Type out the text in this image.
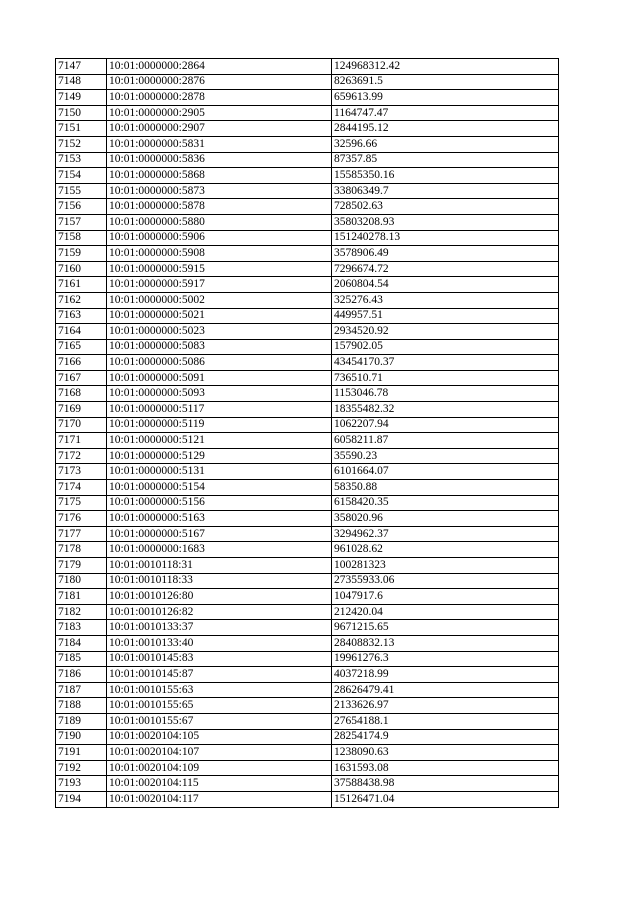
7147	10:01:0000000:2864	124968312.42
7148	10:01:0000000:2876	8263691.5
7149	10:01:0000000:2878	659613.99
7150	10:01:0000000:2905	1164747.47
7151	10:01:0000000:2907	2844195.12
7152	10:01:0000000:5831	32596.66
7153	10:01:0000000:5836	87357.85
7154	10:01:0000000:5868	15585350.16
7155	10:01:0000000:5873	33806349.7
7156	10:01:0000000:5878	728502.63
7157	10:01:0000000:5880	35803208.93
7158	10:01:0000000:5906	151240278.13
7159	10:01:0000000:5908	3578906.49
7160	10:01:0000000:5915	7296674.72
7161	10:01:0000000:5917	2060804.54
7162	10:01:0000000:5002	325276.43
7163	10:01:0000000:5021	449957.51
7164	10:01:0000000:5023	2934520.92
7165	10:01:0000000:5083	157902.05
7166	10:01:0000000:5086	43454170.37
7167	10:01:0000000:5091	736510.71
7168	10:01:0000000:5093	1153046.78
7169	10:01:0000000:5117	18355482.32
7170	10:01:0000000:5119	1062207.94
7171	10:01:0000000:5121	6058211.87
7172	10:01:0000000:5129	35590.23
7173	10:01:0000000:5131	6101664.07
7174	10:01:0000000:5154	58350.88
7175	10:01:0000000:5156	6158420.35
7176	10:01:0000000:5163	358020.96
7177	10:01:0000000:5167	3294962.37
7178	10:01:0000000:1683	961028.62
7179	10:01:0010118:31	100281323
7180	10:01:0010118:33	27355933.06
7181	10:01:0010126:80	1047917.6
7182	10:01:0010126:82	212420.04
7183	10:01:0010133:37	9671215.65
7184	10:01:0010133:40	28408832.13
7185	10:01:0010145:83	19961276.3
7186	10:01:0010145:87	4037218.99
7187	10:01:0010155:63	28626479.41
7188	10:01:0010155:65	2133626.97
7189	10:01:0010155:67	27654188.1
7190	10:01:0020104:105	28254174.9
7191	10:01:0020104:107	1238090.63
7192	10:01:0020104:109	1631593.08
7193	10:01:0020104:115	37588438.98
7194	10:01:0020104:117	15126471.04
